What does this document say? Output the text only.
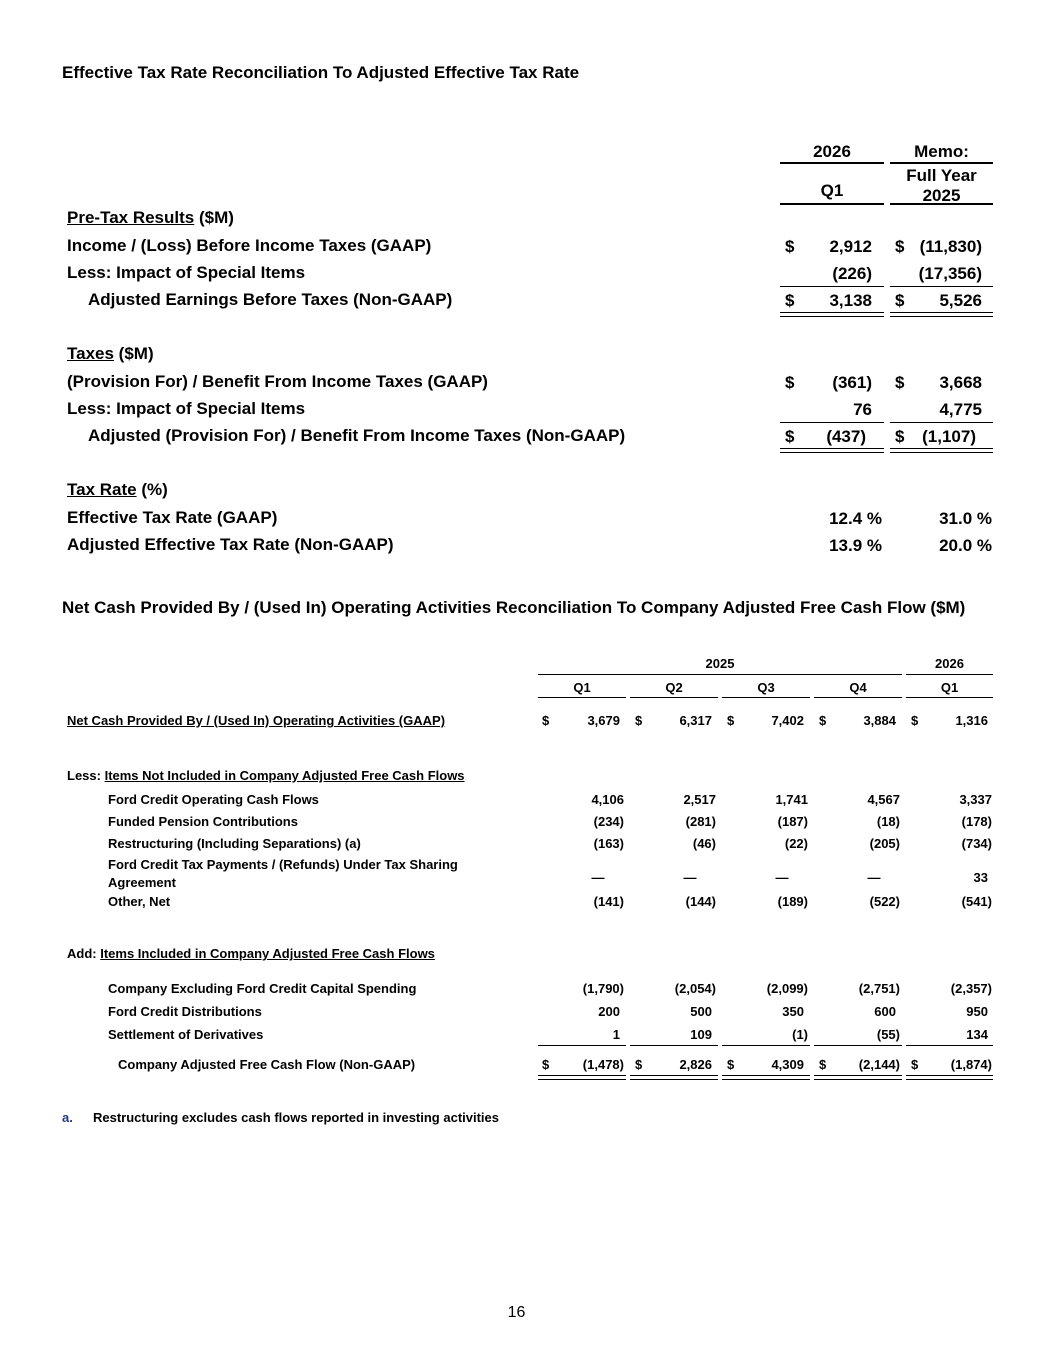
Effective Tax Rate Reconciliation To Adjusted Effective Tax Rate
2026	Memo:
Q1
Full Year
2025
Pre-Tax Results ($M)
Income / (Loss) Before Income Taxes (GAAP)	$	2,912 $ (11,830)
Less: Impact of Special Items	(226)	(17,356)
Adjusted Earnings Before Taxes (Non-GAAP)	$	3,138 $	5,526
Taxes ($M)
(Provision For) / Benefit From Income Taxes (GAAP)	$	(361) $	3,668
Less: Impact of Special Items	76	4,775
Adjusted (Provision For) / Benefit From Income Taxes (Non-GAAP)	$	(437) $	(1,107)
Tax Rate (%)
Effective Tax Rate (GAAP)	12.4 %	31.0 %
Adjusted Effective Tax Rate (Non-GAAP)	13.9 %	20.0 %
Net Cash Provided By / (Used In) Operating Activities Reconciliation To Company Adjusted Free Cash Flow ($M)
2025	2026
Q1	Q2	Q3	Q4	Q1
Net Cash Provided By / (Used In) Operating Activities (GAAP)	$	3,679 $	6,317 $	7,402 $	3,884 $	1,316
Less: Items Not Included in Company Adjusted Free Cash Flows
Ford Credit Operating Cash Flows	4,106	2,517	1,741	4,567	3,337
Funded Pension Contributions	(234)	(281)	(187)	(18)	(178)
Restructuring (Including Separations) (a)	(163)	(46)	(22)	(205)	(734)
Ford Credit Tax Payments / (Refunds) Under Tax Sharing
Agreement	—	—	—	—	33
Other, Net	(141)	(144)	(189)	(522)	(541)
Add: Items Included in Company Adjusted Free Cash Flows
Company Excluding Ford Credit Capital Spending	(1,790)	(2,054)	(2,099)	(2,751)	(2,357)
Ford Credit Distributions	200	500	350	600	950
Settlement of Derivatives	1	109	(1)	(55)	134
Company Adjusted Free Cash Flow (Non-GAAP)	$	(1,478) $	2,826 $	4,309 $	(2,144) $	(1,874)
a. Restructuring excludes cash flows reported in investing activities
16
